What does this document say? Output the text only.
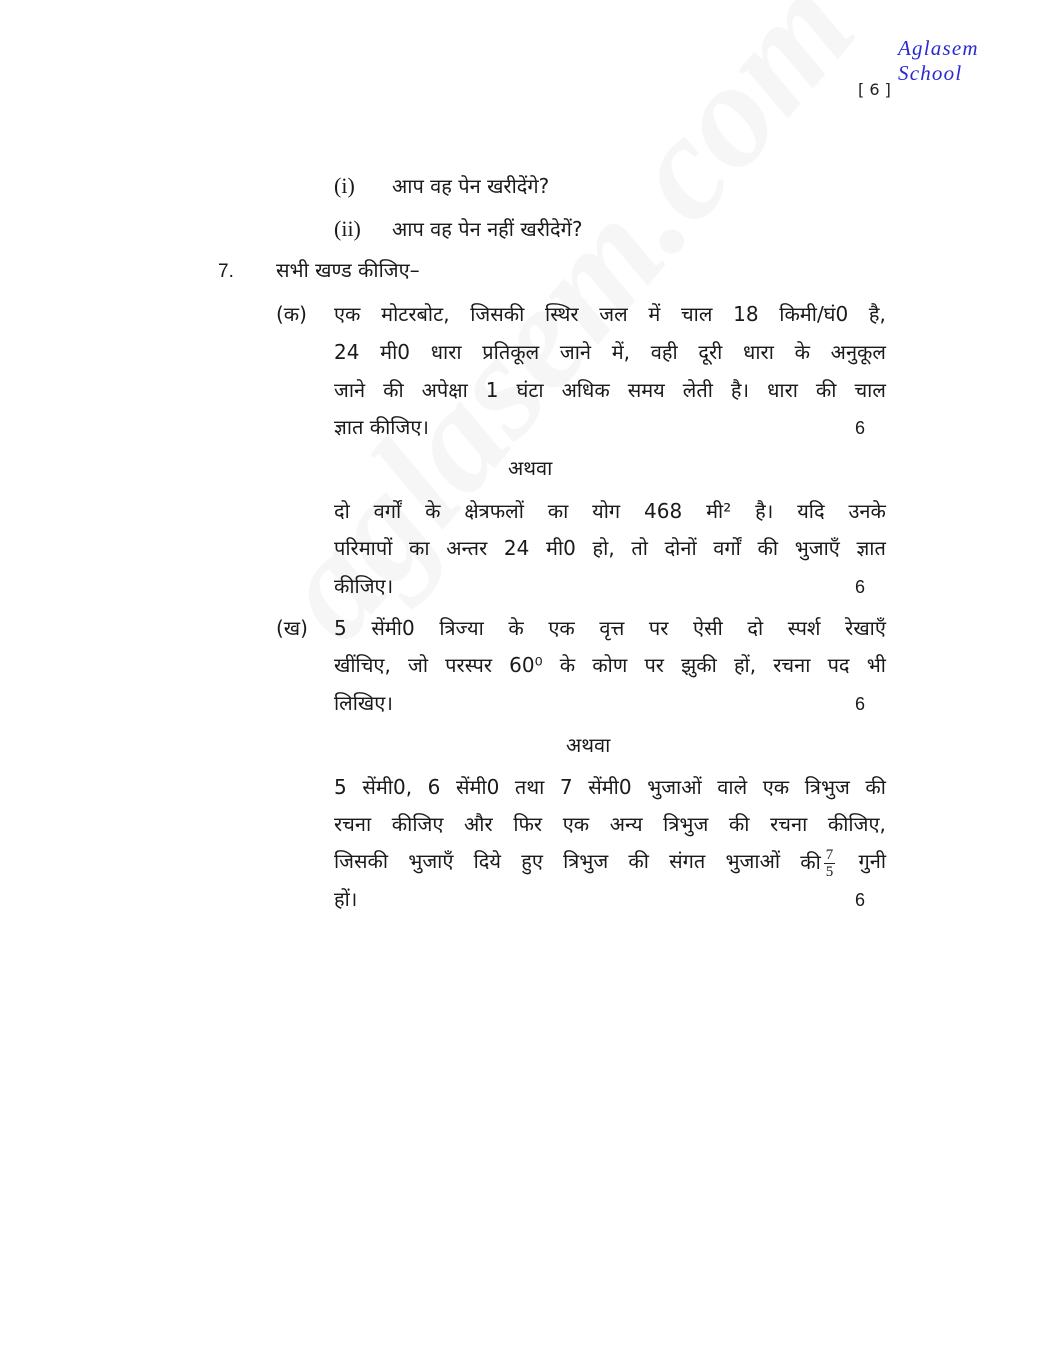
Aglasem School
[ 6 ]
(i) आप वह पेन खरीदेंगे?
(ii) आप वह पेन नहीं खरीदेगें?
7. सभी खण्ड कीजिए–
(क) एक मोटरबोट, जिसकी स्थिर जल में चाल 18 किमी/घं0 है,
24 मी0 धारा प्रतिकूल जाने में, वही दूरी धारा के अनुकूल
जाने की अपेक्षा 1 घंटा अधिक समय लेती है। धारा की चाल
ज्ञात कीजिए।	6
अथवा
दो वर्गों के क्षेत्रफलों का योग 468 मी² है। यदि उनके
परिमापों का अन्तर 24 मी0 हो, तो दोनों वर्गों की भुजाएँ ज्ञात
कीजिए।	6
(ख) 5 सेंमी0 त्रिज्या के एक वृत्त पर ऐसी दो स्पर्श रेखाएँ
खींचिए, जो परस्पर 60⁰ के कोण पर झुकी हों, रचना पद भी
लिखिए।	6
अथवा
5 सेंमी0, 6 सेंमी0 तथा 7 सेंमी0 भुजाओं वाले एक त्रिभुज की
रचना कीजिए और फिर एक अन्य त्रिभुज की रचना कीजिए,
जिसकी भुजाएँ दिये हुए त्रिभुज की संगत भुजाओं की $\frac{7}{5}$ गुनी
हों।	6
